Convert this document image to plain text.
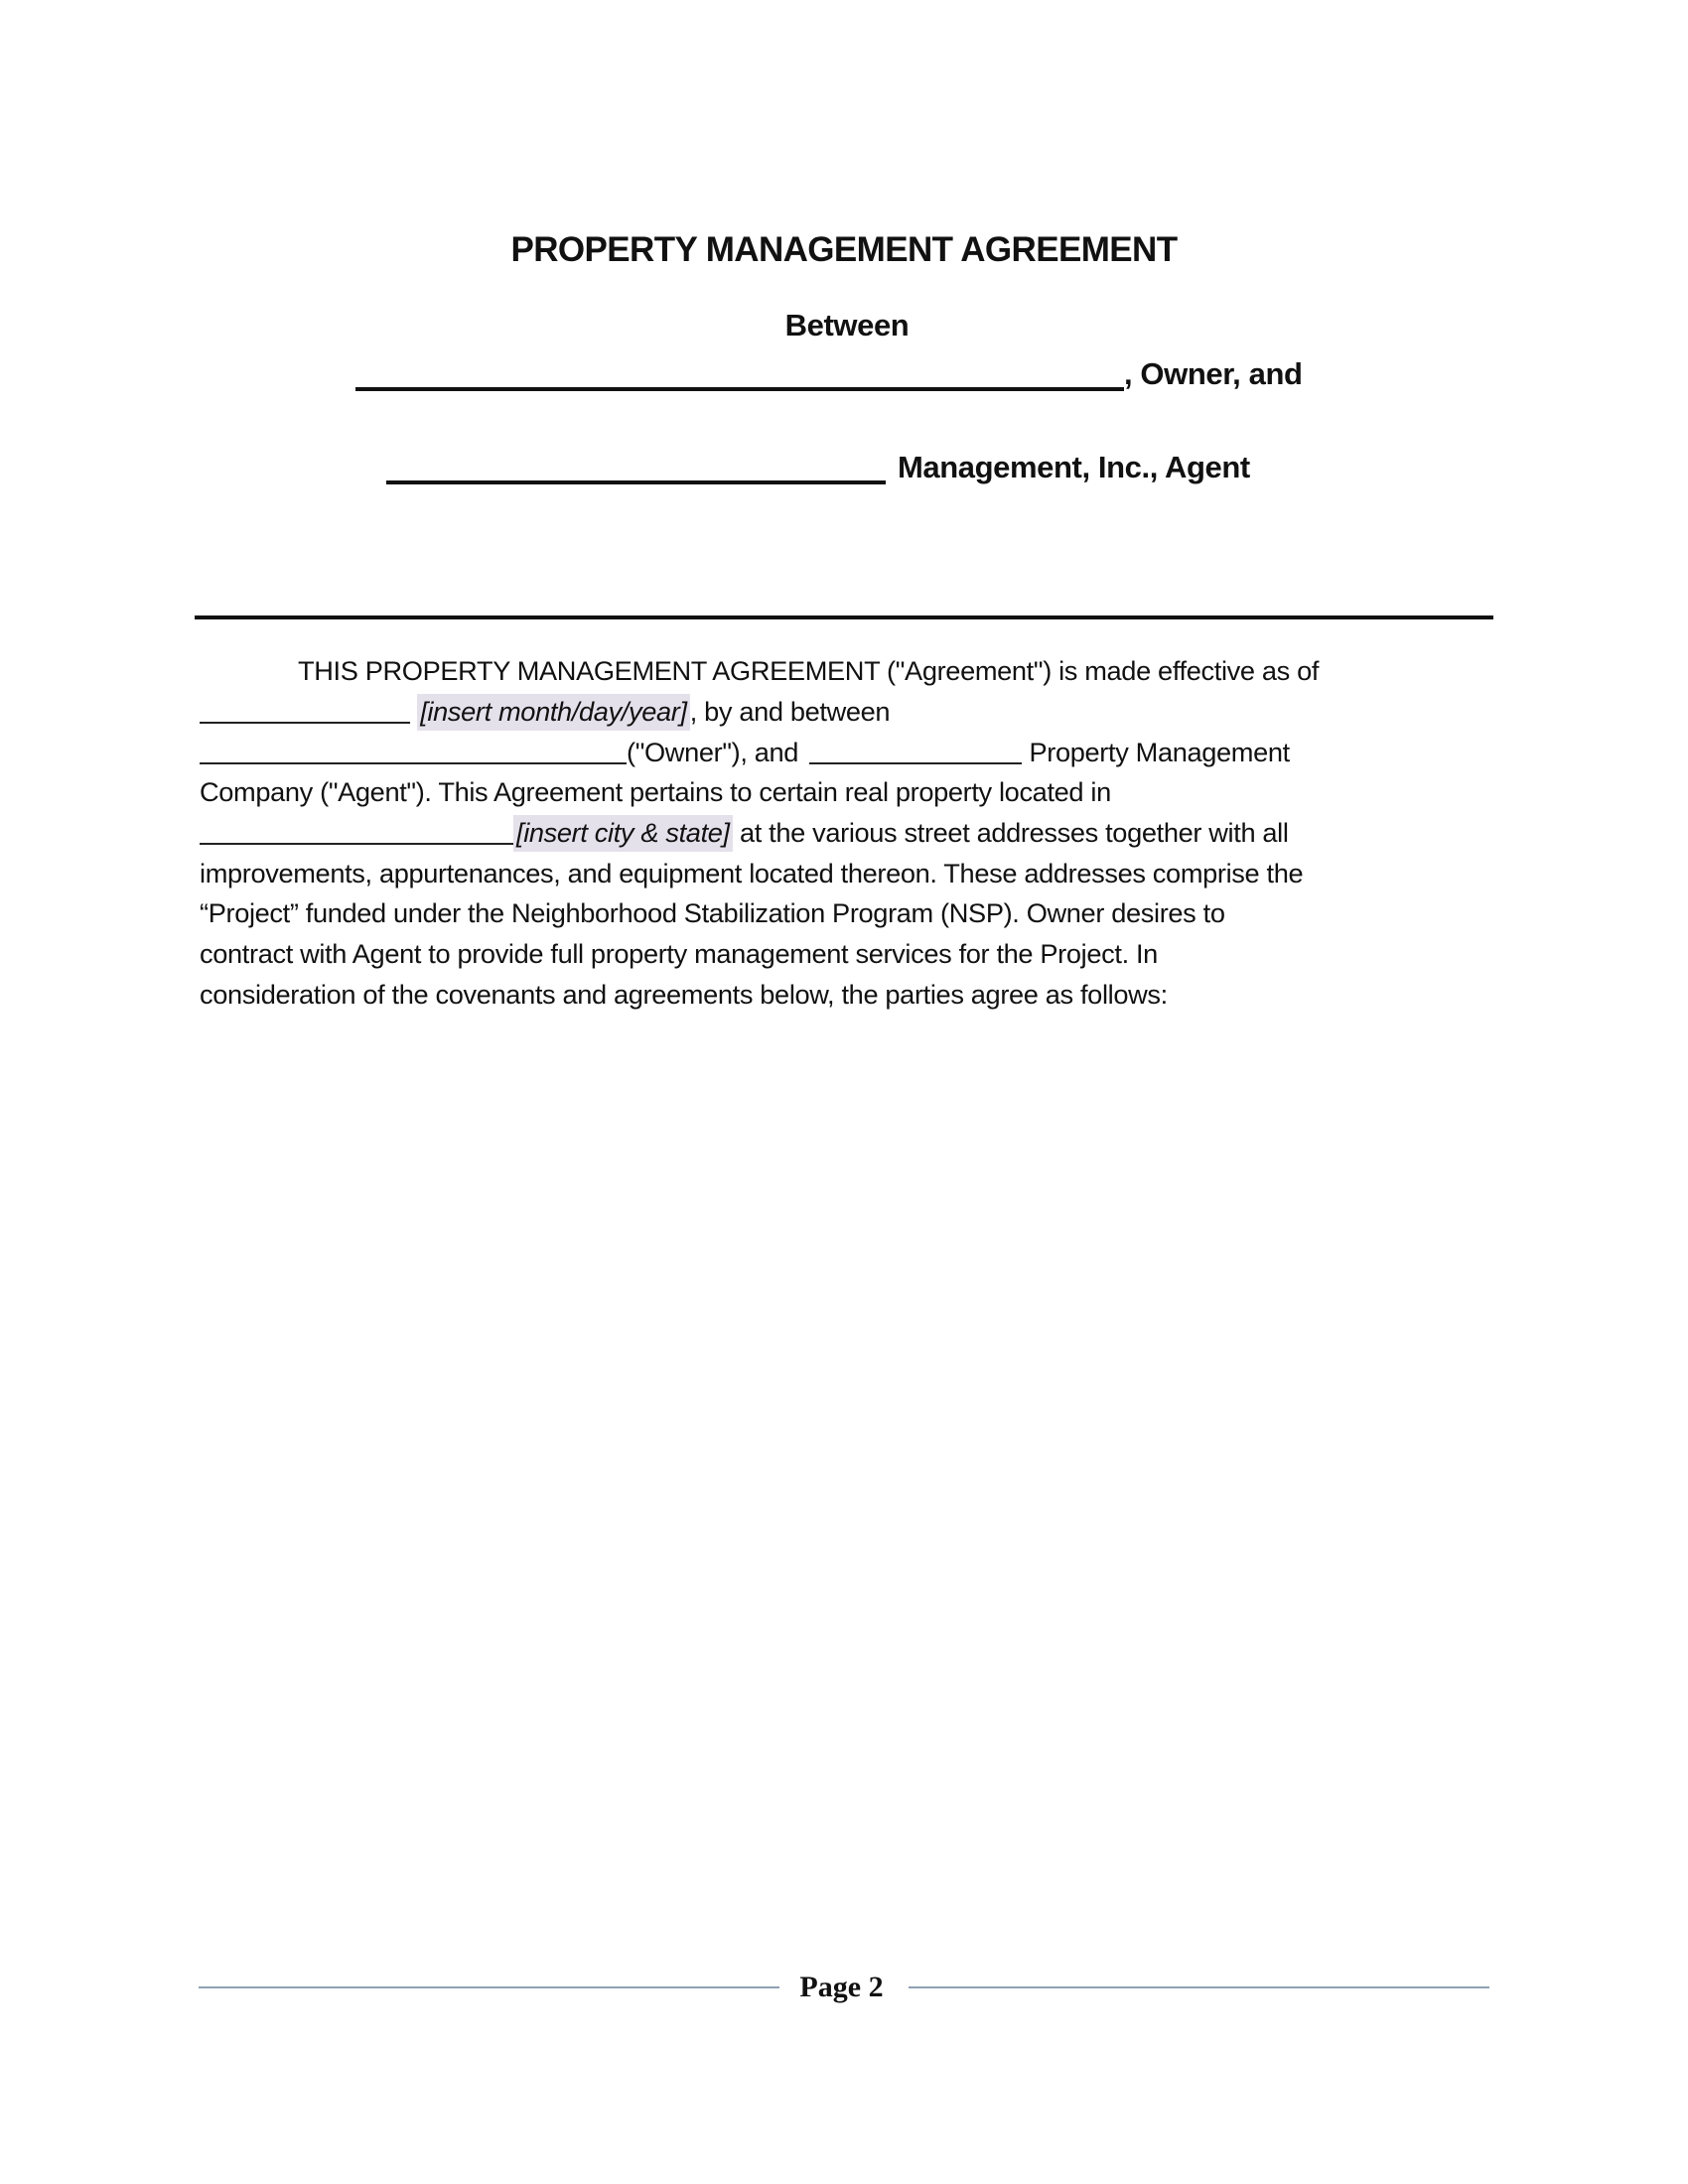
PROPERTY MANAGEMENT AGREEMENT
Between
, Owner, and
Management, Inc., Agent
THIS PROPERTY MANAGEMENT AGREEMENT ("Agreement") is made effective as of
[insert month/day/year] , by and between
("Owner"), and	Property Management
Company ("Agent"). This Agreement pertains to certain real property located in
[insert city & state] at the various street addresses together with all
improvements, appurtenances, and equipment located thereon. These addresses comprise the
“Project” funded under the Neighborhood Stabilization Program (NSP). Owner desires to
contract with Agent to provide full property management services for the Project. In
consideration of the covenants and agreements below, the parties agree as follows:
Page 2
